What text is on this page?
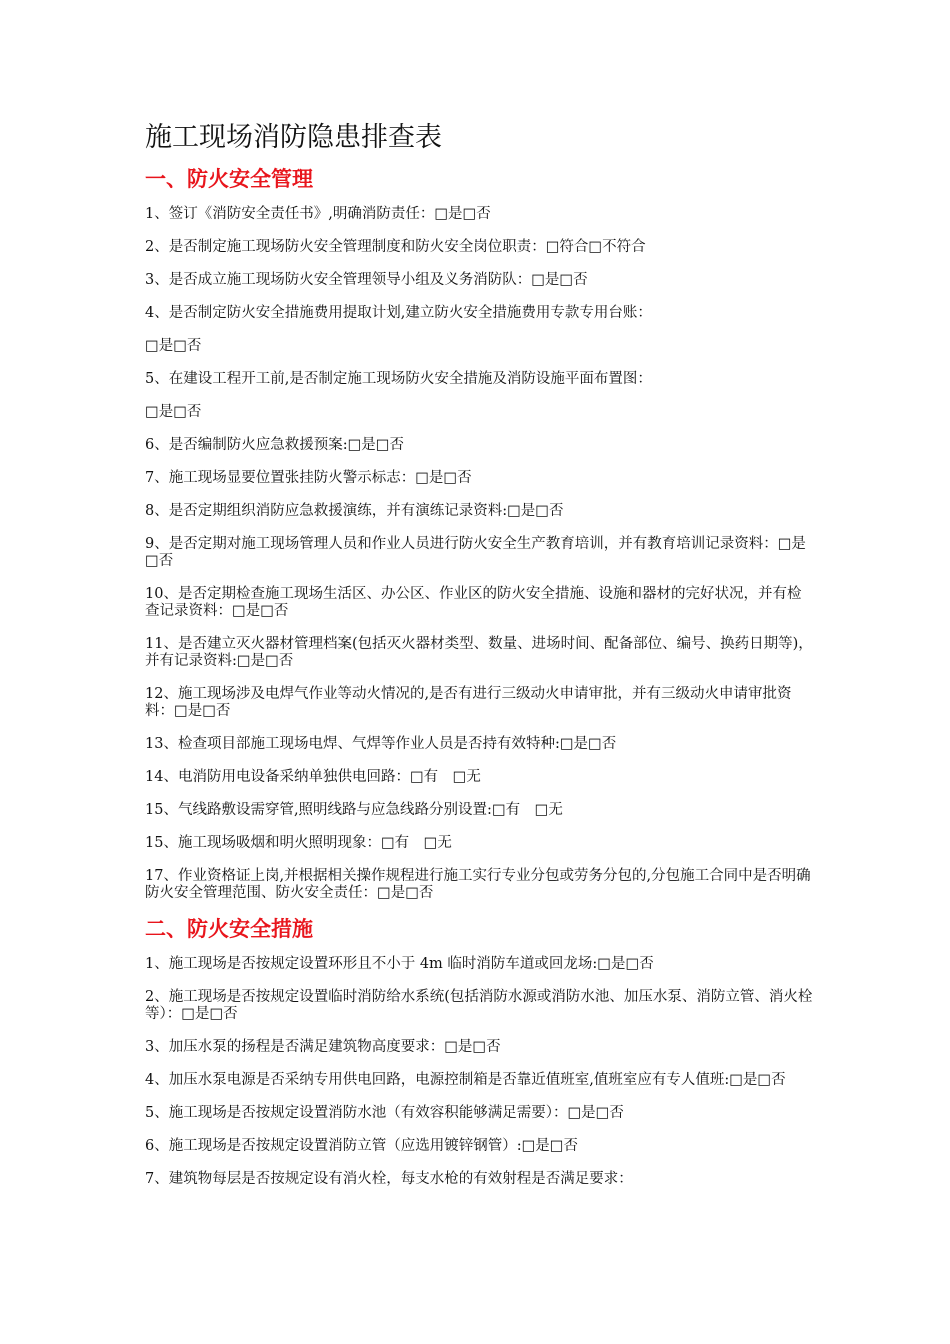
施工现场消防隐患排查表
一、防火安全管理

1、签订《消防安全责任书》,明确消防责任：□是□否

2、是否制定施工现场防火安全管理制度和防火安全岗位职责：□符合□不符合

3、是否成立施工现场防火安全管理领导小组及义务消防队：□是□否

4、是否制定防火安全措施费用提取计划,建立防火安全措施费用专款专用台账：

□是□否

5、在建设工程开工前,是否制定施工现场防火安全措施及消防设施平面布置图：

□是□否

6、是否编制防火应急救援预案:□是□否

7、施工现场显要位置张挂防火警示标志：□是□否

8、是否定期组织消防应急救援演练，并有演练记录资料:□是□否

9、是否定期对施工现场管理人员和作业人员进行防火安全生产教育培训，并有教育培训记录资料：□是□否

10、是否定期检查施工现场生活区、办公区、作业区的防火安全措施、设施和器材的完好状况，并有检查记录资料：□是□否

11、是否建立灭火器材管理档案(包括灭火器材类型、数量、进场时间、配备部位、编号、换药日期等)，并有记录资料:□是□否

12、施工现场涉及电焊气作业等动火情况的,是否有进行三级动火申请审批，并有三级动火申请审批资料：□是□否

13、检查项目部施工现场电焊、气焊等作业人员是否持有效特种:□是□否

14、电消防用电设备采纳单独供电回路：□有　□无

15、气线路敷设需穿管,照明线路与应急线路分别设置:□有　□无

15、施工现场吸烟和明火照明现象：□有　□无

17、作业资格证上岗,并根据相关操作规程进行施工实行专业分包或劳务分包的,分包施工合同中是否明确防火安全管理范围、防火安全责任：□是□否

二、防火安全措施

1、施工现场是否按规定设置环形且不小于 4m 临时消防车道或回龙场:□是□否

2、施工现场是否按规定设置临时消防给水系统(包括消防水源或消防水池、加压水泵、消防立管、消火栓等）：□是□否

3、加压水泵的扬程是否满足建筑物高度要求：□是□否

4、加压水泵电源是否采纳专用供电回路，电源控制箱是否靠近值班室,值班室应有专人值班:□是□否

5、施工现场是否按规定设置消防水池（有效容积能够满足需要）：□是□否

6、施工现场是否按规定设置消防立管（应选用镀锌钢管）:□是□否

7、建筑物每层是否按规定设有消火栓，每支水枪的有效射程是否满足要求：
